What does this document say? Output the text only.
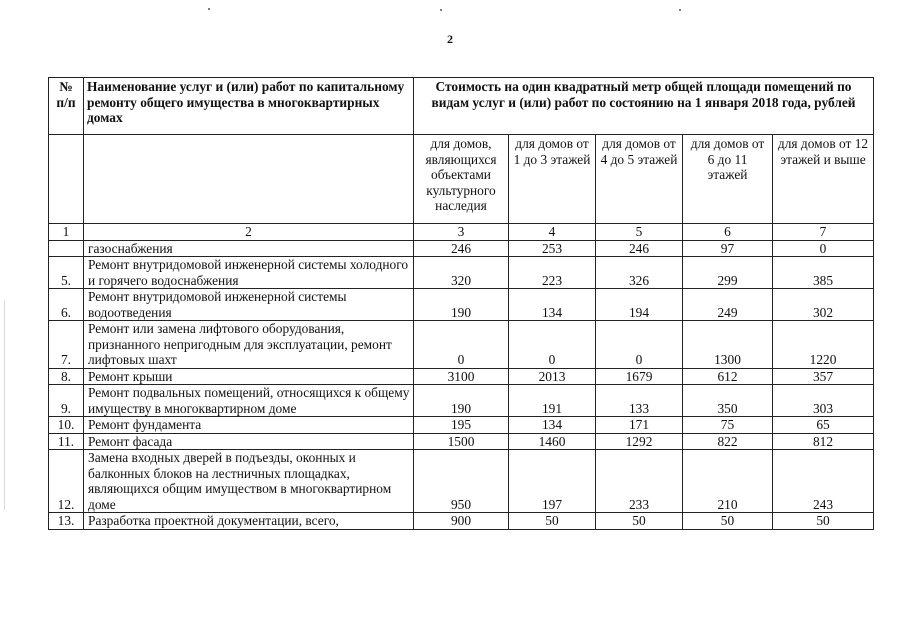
2
№ п/п	Наименование услуг и (или) работ по капитальному ремонту общего имущества в многоквартирных домах	Стоимость на один квадратный метр общей площади помещений по видам услуг и (или) работ по состоянию на 1 января 2018 года, рублей				
		для домов, являющихся объектами культурного наследия	для домов от 1 до 3 этажей	для домов от 4 до 5 этажей	для домов от 6 до 11 этажей	для домов от 12 этажей и выше
1	2	3	4	5	6	7
	газоснабжения	246	253	246	97	0
5.	Ремонт внутридомовой инженерной системы холодного и горячего водоснабжения	320	223	326	299	385
6.	Ремонт внутридомовой инженерной системы водоотведения	190	134	194	249	302
7.	Ремонт или замена лифтового оборудования, признанного непригодным для эксплуатации, ремонт лифтовых шахт	0	0	0	1300	1220
8.	Ремонт крыши	3100	2013	1679	612	357
9.	Ремонт подвальных помещений, относящихся к общему имуществу в многоквартирном доме	190	191	133	350	303
10.	Ремонт фундамента	195	134	171	75	65
11.	Ремонт фасада	1500	1460	1292	822	812
12.	Замена входных дверей в подъезды, оконных и балконных блоков на лестничных площадках, являющихся общим имуществом в многоквартирном доме	950	197	233	210	243
13.	Разработка проектной документации, всего,	900	50	50	50	50
